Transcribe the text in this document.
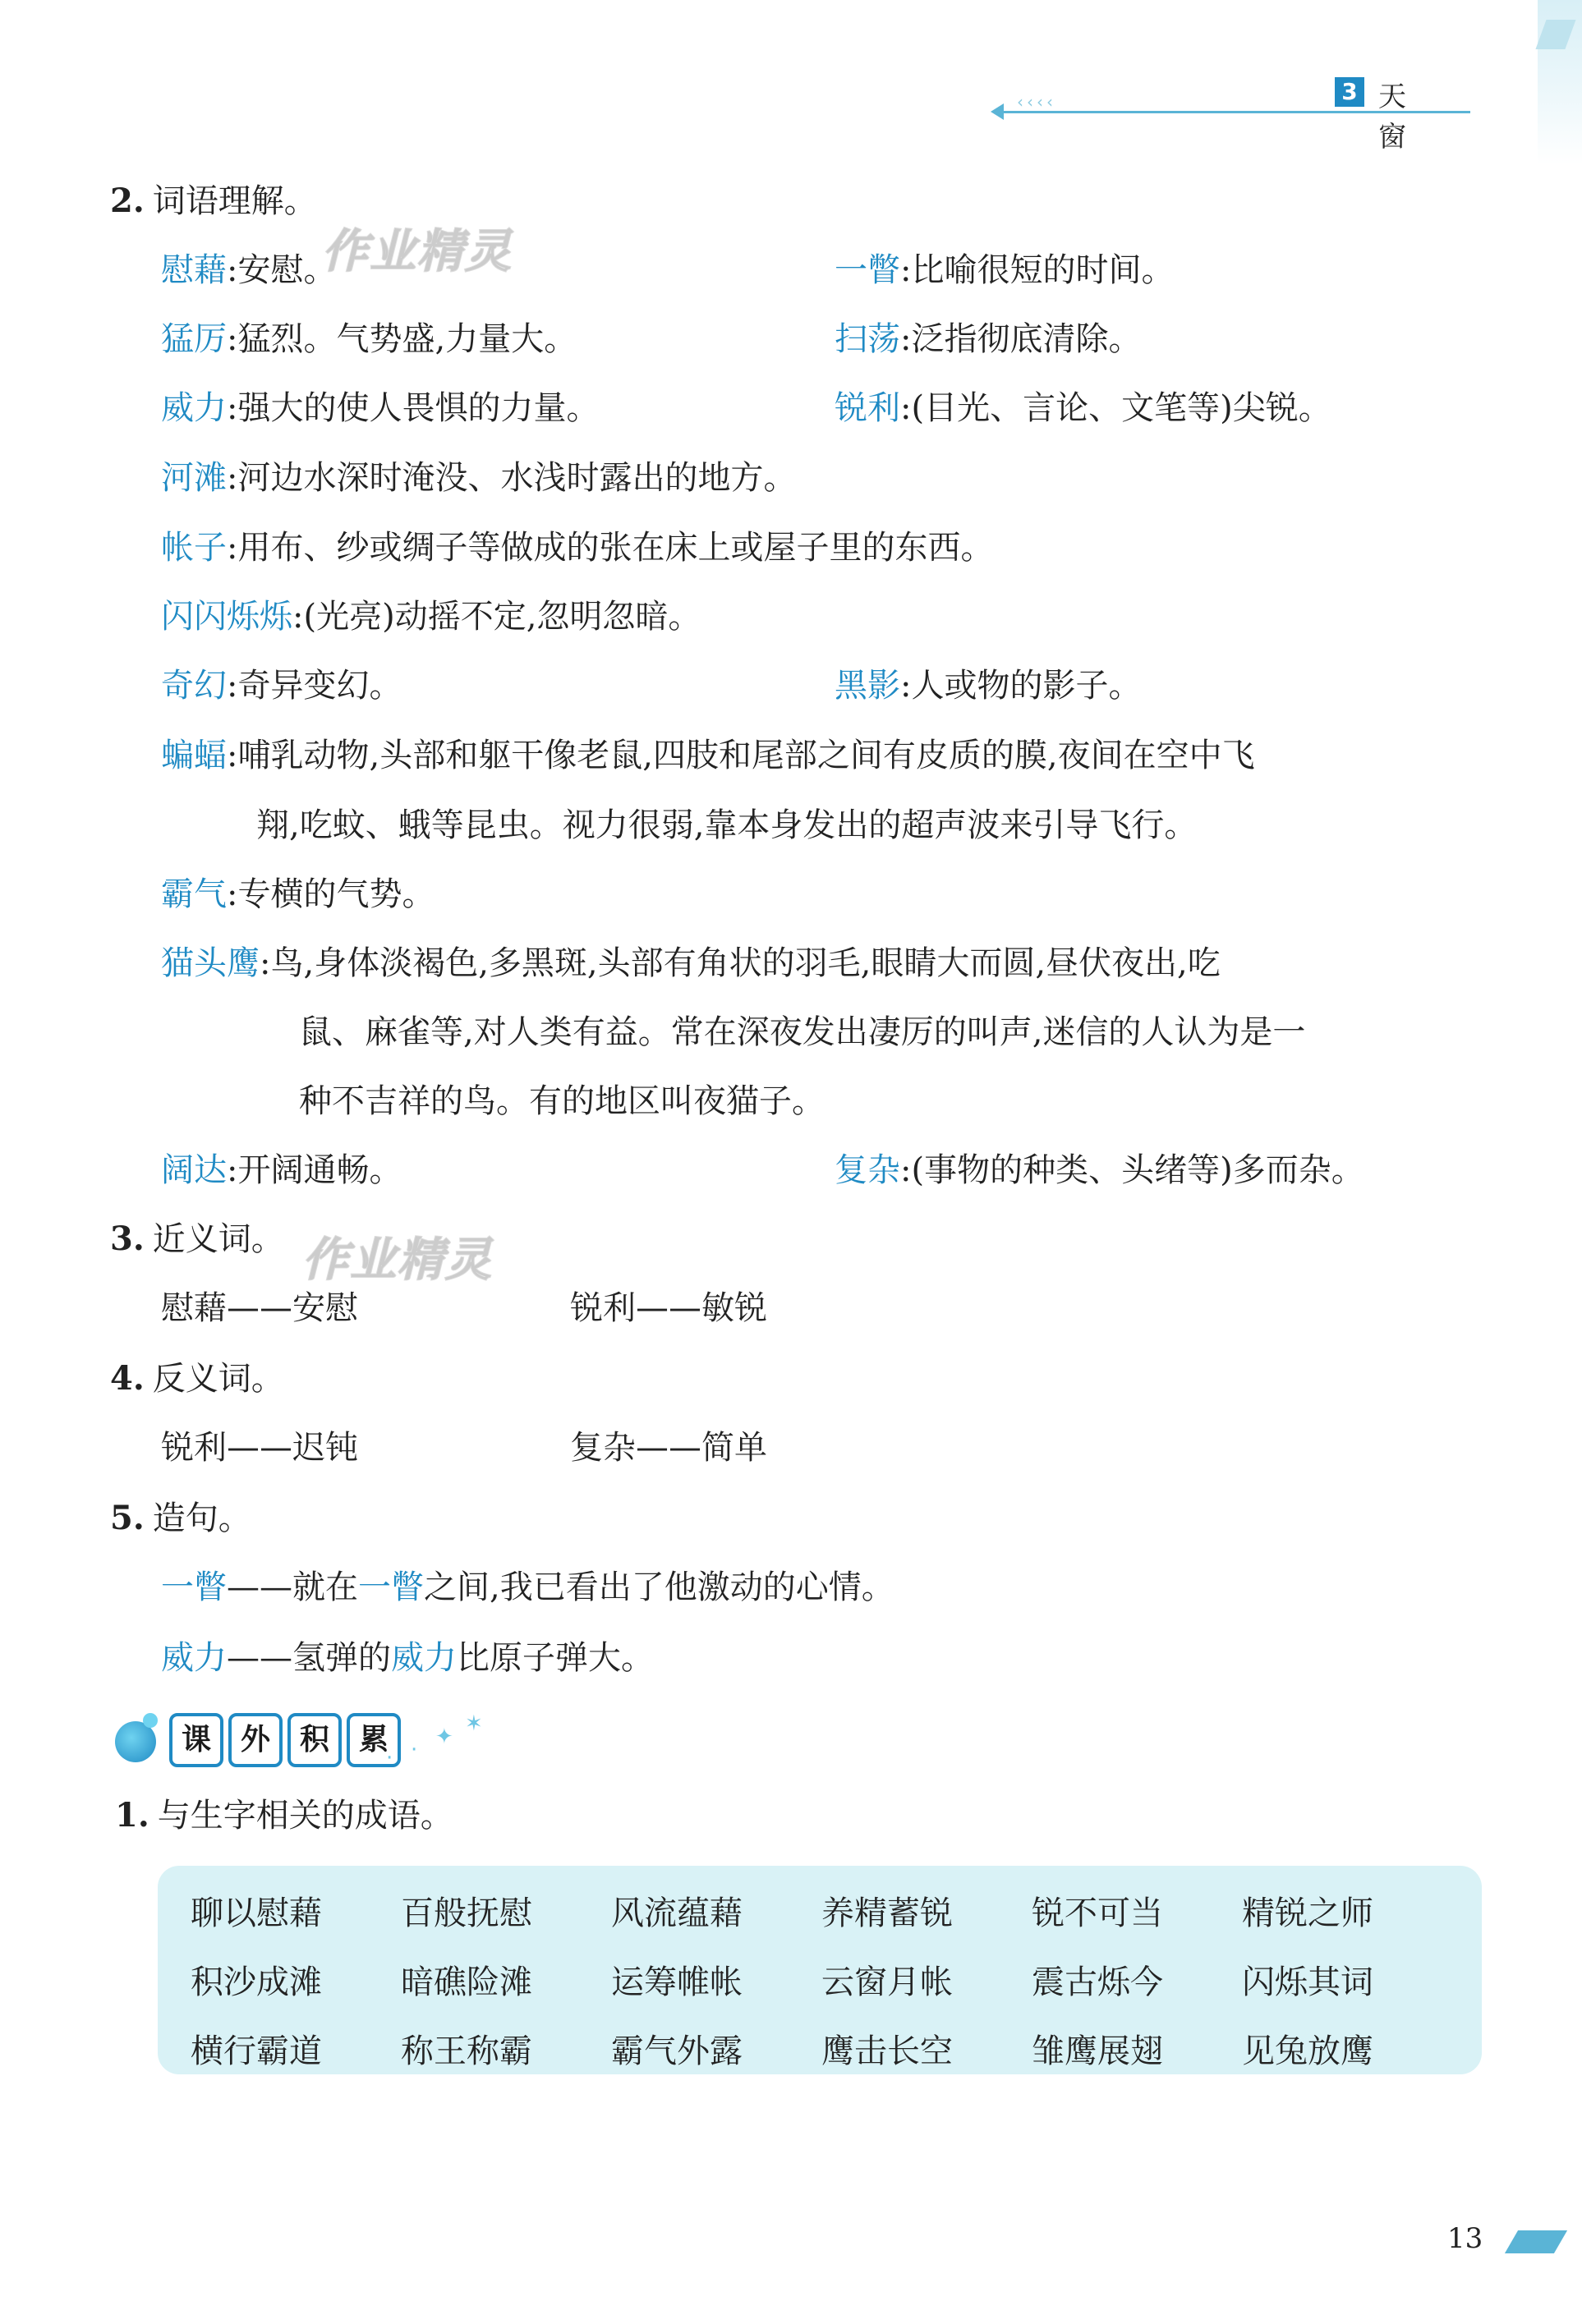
‹‹‹‹	3 天 窗
2. 词语理解。
作业精灵
慰藉:安慰。	一瞥:比喻很短的时间。
猛厉:猛烈。气势盛,力量大。	扫荡:泛指彻底清除。
威力:强大的使人畏惧的力量。	锐利:(目光、言论、文笔等)尖锐。
河滩:河边水深时淹没、水浅时露出的地方。
帐子:用布、纱或绸子等做成的张在床上或屋子里的东西。
闪闪烁烁:(光亮)动摇不定,忽明忽暗。
奇幻:奇异变幻。	黑影:人或物的影子。
蝙蝠:哺乳动物,头部和躯干像老鼠,四肢和尾部之间有皮质的膜,夜间在空中飞
翔,吃蚊、蛾等昆虫。视力很弱,靠本身发出的超声波来引导飞行。
霸气:专横的气势。
猫头鹰:鸟,身体淡褐色,多黑斑,头部有角状的羽毛,眼睛大而圆,昼伏夜出,吃
鼠、麻雀等,对人类有益。常在深夜发出凄厉的叫声,迷信的人认为是一
种不吉祥的鸟。有的地区叫夜猫子。
阔达:开阔通畅。	复杂:(事物的种类、头绪等)多而杂。
3. 近义词。 作业精灵
慰藉——安慰	锐利——敏锐
4. 反义词。
锐利——迟钝	复杂——简单
5. 造句。
一瞥——就在一瞥之间,我已看出了他激动的心情。
威力——氢弹的威力比原子弹大。
课 外 积 累
· ·
✦
✶
1. 与生字相关的成语。
聊以慰藉	百般抚慰	风流蕴藉	养精蓄锐	锐不可当	精锐之师
积沙成滩	暗礁险滩	运筹帷帐	云窗月帐	震古烁今	闪烁其词
横行霸道	称王称霸	霸气外露	鹰击长空	雏鹰展翅	见兔放鹰
13
